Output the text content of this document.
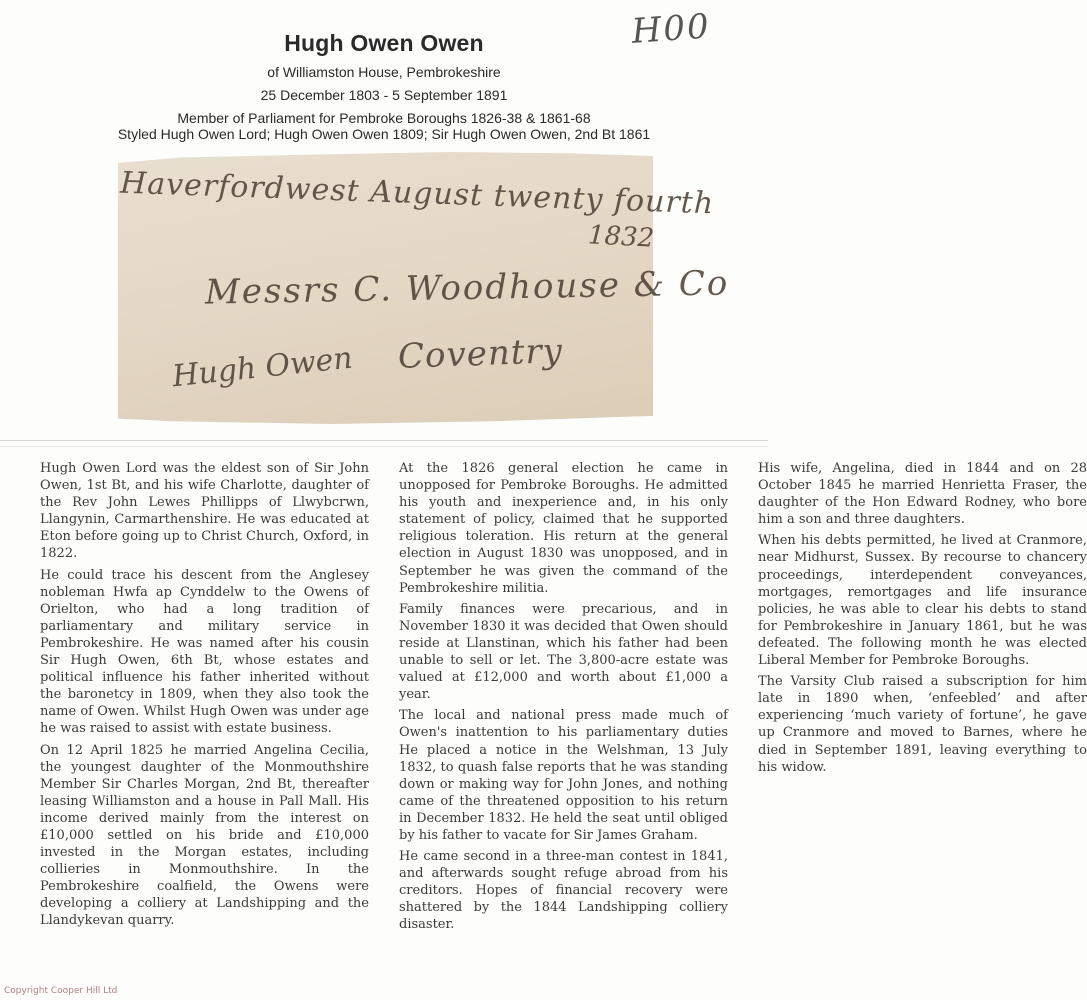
Hugh Owen Owen
of Williamston House, Pembrokeshire
25 December 1803 - 5 September 1891
Member of Parliament for Pembroke Boroughs 1826-38 & 1861-68
Styled Hugh Owen Lord; Hugh Owen Owen 1809; Sir Hugh Owen Owen, 2nd Bt 1861
H00
Haverfordwest August twenty fourth
1832
Messrs C. Woodhouse & Co
Coventry
Hugh Owen

Hugh Owen Lord was the eldest son of Sir John Owen, 1st Bt, and his wife Charlotte, daughter of the Rev John Lewes Phillipps of Llwybcrwn, Llangynin, Carmarthenshire. He was educated at Eton before going up to Christ Church, Oxford, in 1822.

He could trace his descent from the Anglesey nobleman Hwfa ap Cynddelw to the Owens of Orielton, who had a long tradition of parliamentary and military service in Pembrokeshire. He was named after his cousin Sir Hugh Owen, 6th Bt, whose estates and political influence his father inherited without the baronetcy in 1809, when they also took the name of Owen. Whilst Hugh Owen was under age he was raised to assist with estate business.

On 12 April 1825 he married Angelina Cecilia, the youngest daughter of the Monmouthshire Member Sir Charles Morgan, 2nd Bt, thereafter leasing Williamston and a house in Pall Mall. His income derived mainly from the interest on £10,000 settled on his bride and £10,000 invested in the Morgan estates, including collieries in Monmouthshire. In the Pembrokeshire coalfield, the Owens were developing a colliery at Landshipping and the Llandykevan quarry.

At the 1826 general election he came in unopposed for Pembroke Boroughs. He admitted his youth and inexperience and, in his only statement of policy, claimed that he supported religious toleration. His return at the general election in August 1830 was unopposed, and in September he was given the command of the Pembrokeshire militia.

Family finances were precarious, and in November 1830 it was decided that Owen should reside at Llanstinan, which his father had been unable to sell or let. The 3,800-acre estate was valued at £12,000 and worth about £1,000 a year.

The local and national press made much of Owen's inattention to his parliamentary duties He placed a notice in the Welshman, 13 July 1832, to quash false reports that he was standing down or making way for John Jones, and nothing came of the threatened opposition to his return in December 1832. He held the seat until obliged by his father to vacate for Sir James Graham.

He came second in a three-man contest in 1841, and afterwards sought refuge abroad from his creditors. Hopes of financial recovery were shattered by the 1844 Landshipping colliery disaster.

His wife, Angelina, died in 1844 and on 28 October 1845 he married Henrietta Fraser, the daughter of the Hon Edward Rodney, who bore him a son and three daughters.

When his debts permitted, he lived at Cranmore, near Midhurst, Sussex. By recourse to chancery proceedings, interdependent conveyances, mortgages, remortgages and life insurance policies, he was able to clear his debts to stand for Pembrokeshire in January 1861, but he was defeated. The following month he was elected Liberal Member for Pembroke Boroughs.

The Varsity Club raised a subscription for him late in 1890 when, ‘enfeebled’ and after experiencing ‘much variety of fortune’, he gave up Cranmore and moved to Barnes, where he died in September 1891, leaving everything to his widow.

Copyright Cooper Hill Ltd
